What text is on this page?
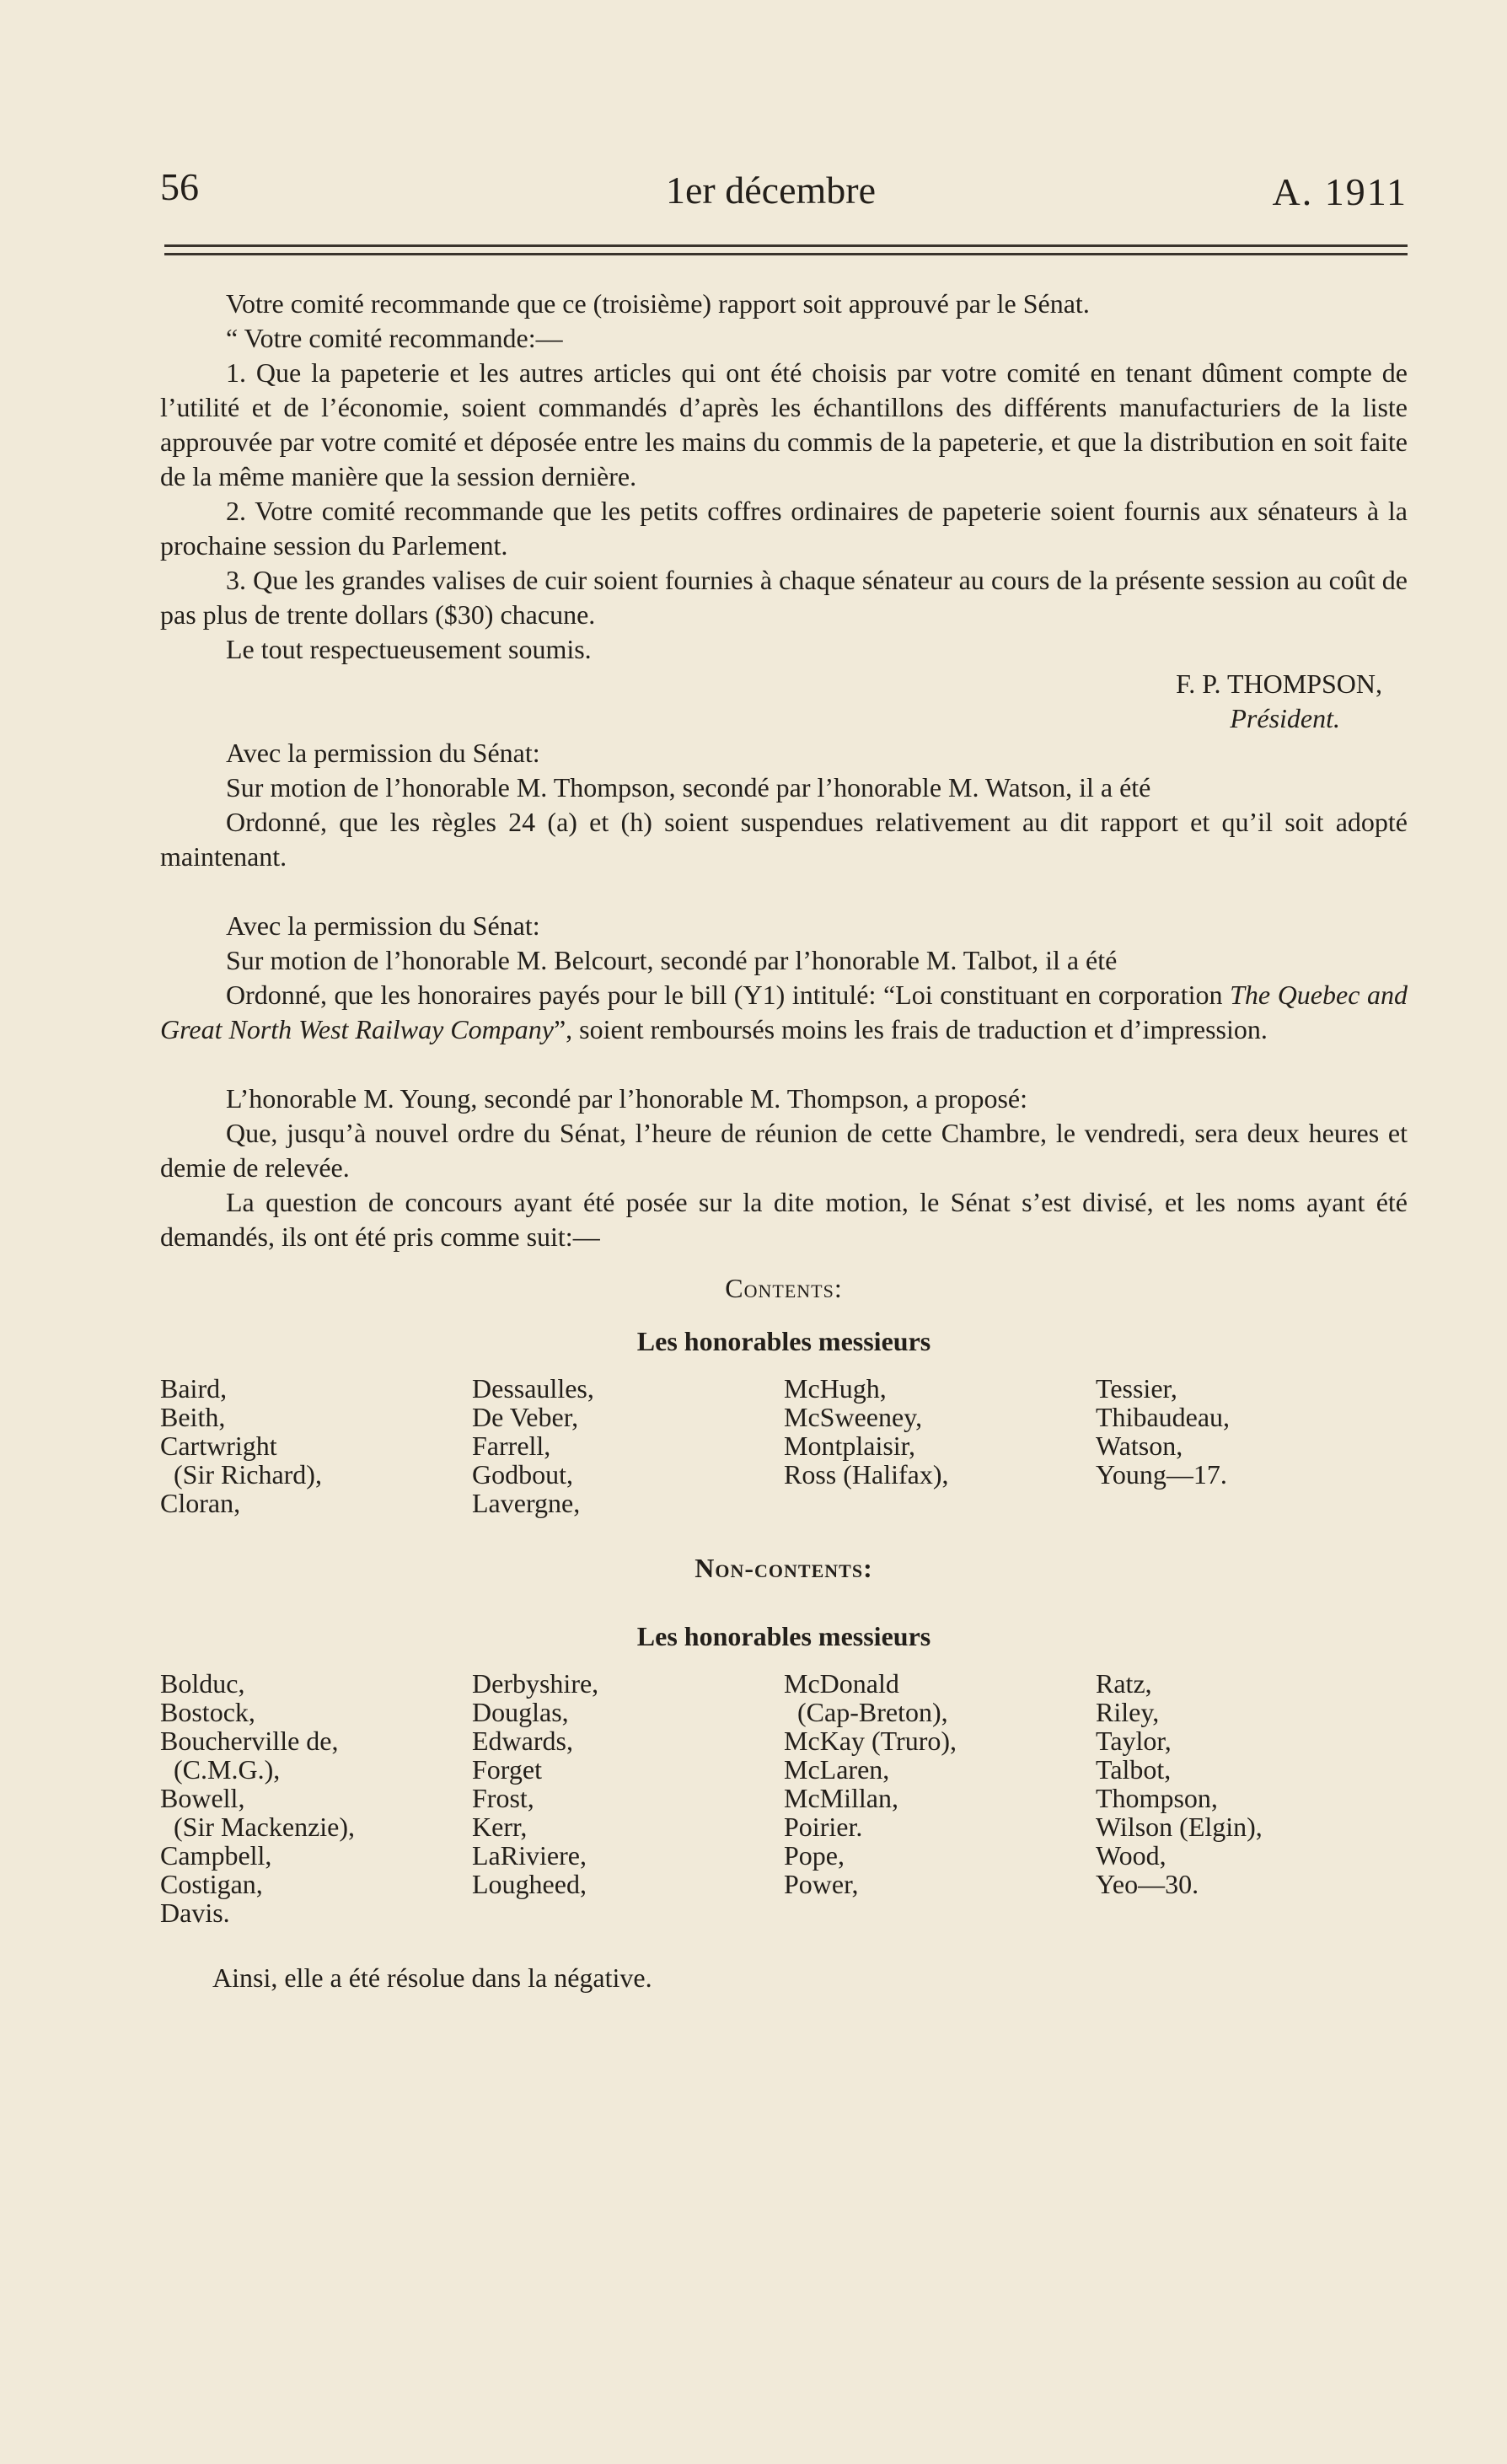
56	1er décembre	A. 1911

Votre comité recommande que ce (troisième) rapport soit approuvé par le Sénat.

“ Votre comité recommande:—

1. Que la papeterie et les autres articles qui ont été choisis par votre comité en tenant dûment compte de l’utilité et de l’économie, soient commandés d’après les échantillons des différents manufacturiers de la liste approuvée par votre comité et déposée entre les mains du commis de la papeterie, et que la distribution en soit faite de la même manière que la session dernière.

2. Votre comité recommande que les petits coffres ordinaires de papeterie soient fournis aux sénateurs à la prochaine session du Parlement.

3. Que les grandes valises de cuir soient fournies à chaque sénateur au cours de la présente session au coût de pas plus de trente dollars ($30) chacune.

Le tout respectueusement soumis.

F. P. THOMPSON,

Président.

Avec la permission du Sénat:

Sur motion de l’honorable M. Thompson, secondé par l’honorable M. Watson, il a été

Ordonné, que les règles 24 (a) et (h) soient suspendues relativement au dit rapport et qu’il soit adopté maintenant.

Avec la permission du Sénat:

Sur motion de l’honorable M. Belcourt, secondé par l’honorable M. Talbot, il a été

Ordonné, que les honoraires payés pour le bill (Y1) intitulé: “Loi constituant en corporation The Quebec and Great North West Railway Company”, soient remboursés moins les frais de traduction et d’impression.

L’honorable M. Young, secondé par l’honorable M. Thompson, a proposé:

Que, jusqu’à nouvel ordre du Sénat, l’heure de réunion de cette Chambre, le vendredi, sera deux heures et demie de relevée.

La question de concours ayant été posée sur la dite motion, le Sénat s’est divisé, et les noms ayant été demandés, ils ont été pris comme suit:—

Contents:

Les honorables messieurs

Baird,
Beith,
Cartwright
(Sir Richard),
Cloran,
Dessaulles,
De Veber,
Farrell,
Godbout,
Lavergne,
McHugh,
McSweeney,
Montplaisir,
Ross (Halifax),
Tessier,
Thibaudeau,
Watson,
Young—17.

Non-contents:

Les honorables messieurs

Bolduc,
Bostock,
Boucherville de,
(C.M.G.),
Bowell,
(Sir Mackenzie),
Campbell,
Costigan,
Davis.
Derbyshire,
Douglas,
Edwards,
Forget
Frost,
Kerr,
LaRiviere,
Lougheed,
McDonald
(Cap-Breton),
McKay (Truro),
McLaren,
McMillan,
Poirier.
Pope,
Power,
Ratz,
Riley,
Taylor,
Talbot,
Thompson,
Wilson (Elgin),
Wood,
Yeo—30.

Ainsi, elle a été résolue dans la négative.
